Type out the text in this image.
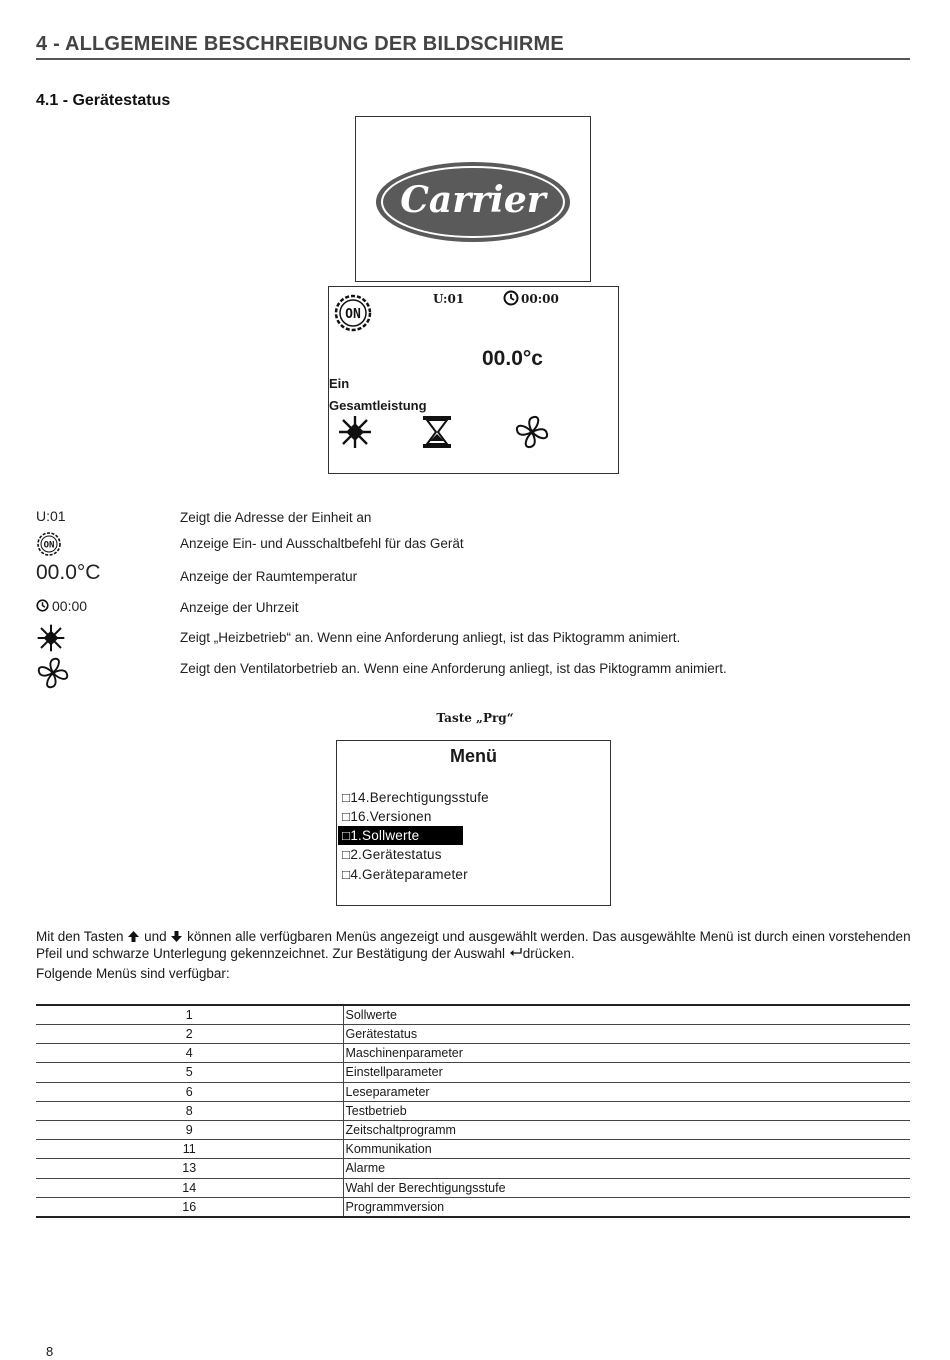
4 - ALLGEMEINE BESCHREIBUNG DER BILDSCHIRME
4.1 - Gerätestatus
Carrier
ON
U:01	00:00
00.0°c
Ein
Gesamtleistung
U:01	Zeigt die Adresse der Einheit an
ON	Anzeige Ein- und Ausschaltbefehl für das Gerät
00.0°C	Anzeige der Raumtemperatur
00:00	Anzeige der Uhrzeit
Zeigt „Heizbetrieb“ an. Wenn eine Anforderung anliegt, ist das Piktogramm animiert.
Zeigt den Ventilatorbetrieb an. Wenn eine Anforderung anliegt, ist das Piktogramm animiert.
Taste „Prg“
Menü
□14.Berechtigungsstufe
□16.Versionen
□1.Sollwerte
□2.Gerätestatus
□4.Geräteparameter
Mit den Tasten  und  können alle verfügbaren Menüs angezeigt und ausgewählt werden. Das ausgewählte Menü ist durch einen vorstehenden Pfeil und schwarze Unterlegung gekennzeichnet. Zur Bestätigung der Auswahl drücken.
Folgende Menüs sind verfügbar:
1	Sollwerte
2	Gerätestatus
4	Maschinenparameter
5	Einstellparameter
6	Leseparameter
8	Testbetrieb
9	Zeitschaltprogramm
11	Kommunikation
13	Alarme
14	Wahl der Berechtigungsstufe
16	Programmversion
8
